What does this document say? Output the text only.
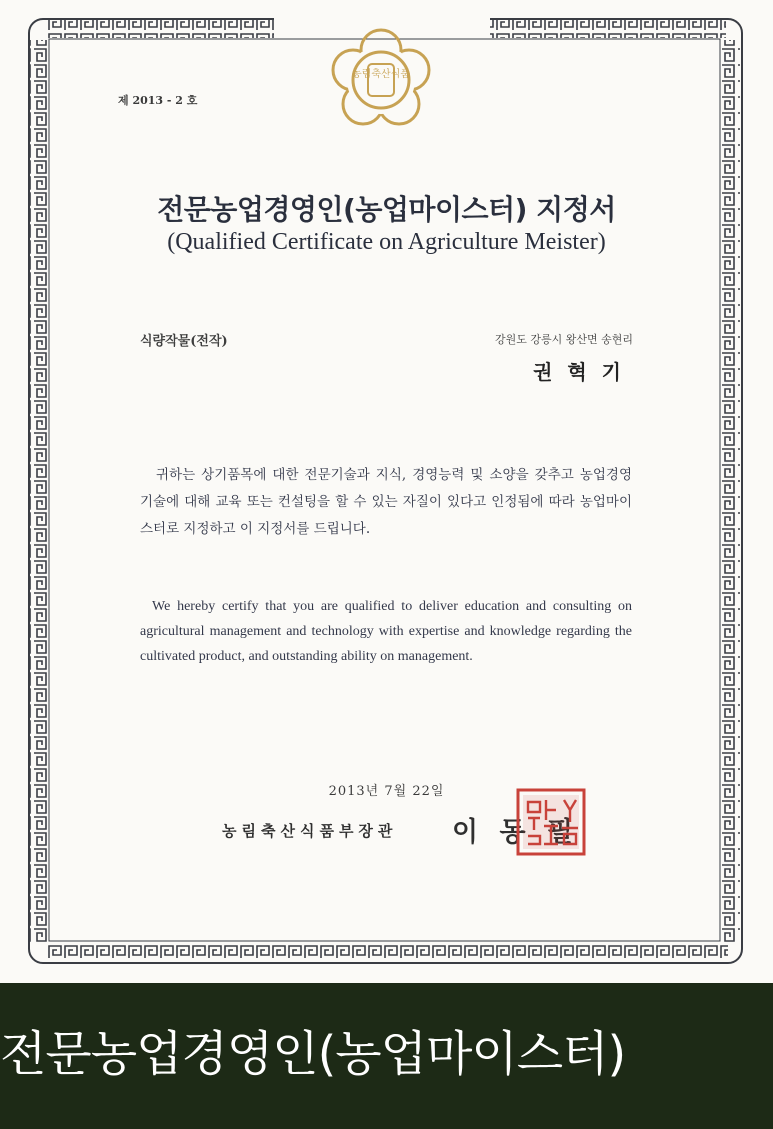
농림축산식품
제 2013 - 2 호
전문농업경영인(농업마이스터) 지정서
(Qualified Certificate on Agriculture Meister)
식량작물(전작)	강원도 강릉시 왕산면 송현리
권 혁 기
귀하는 상기품목에 대한 전문기술과 지식, 경영능력 및 소양을 갖추고 농업경영 기술에 대해 교육 또는 컨설팅을 할 수 있는 자질이 있다고 인정됨에 따라 농업마이스터로 지정하고 이 지정서를 드립니다.
We hereby certify that you are qualified to deliver education and consulting on agricultural management and technology with expertise and knowledge regarding the cultivated product, and outstanding ability on management.
2013년 7월 22일
농림축산식품부장관 이 동 필
농림축산식품부장관인
전문농업경영인(농업마이스터)
